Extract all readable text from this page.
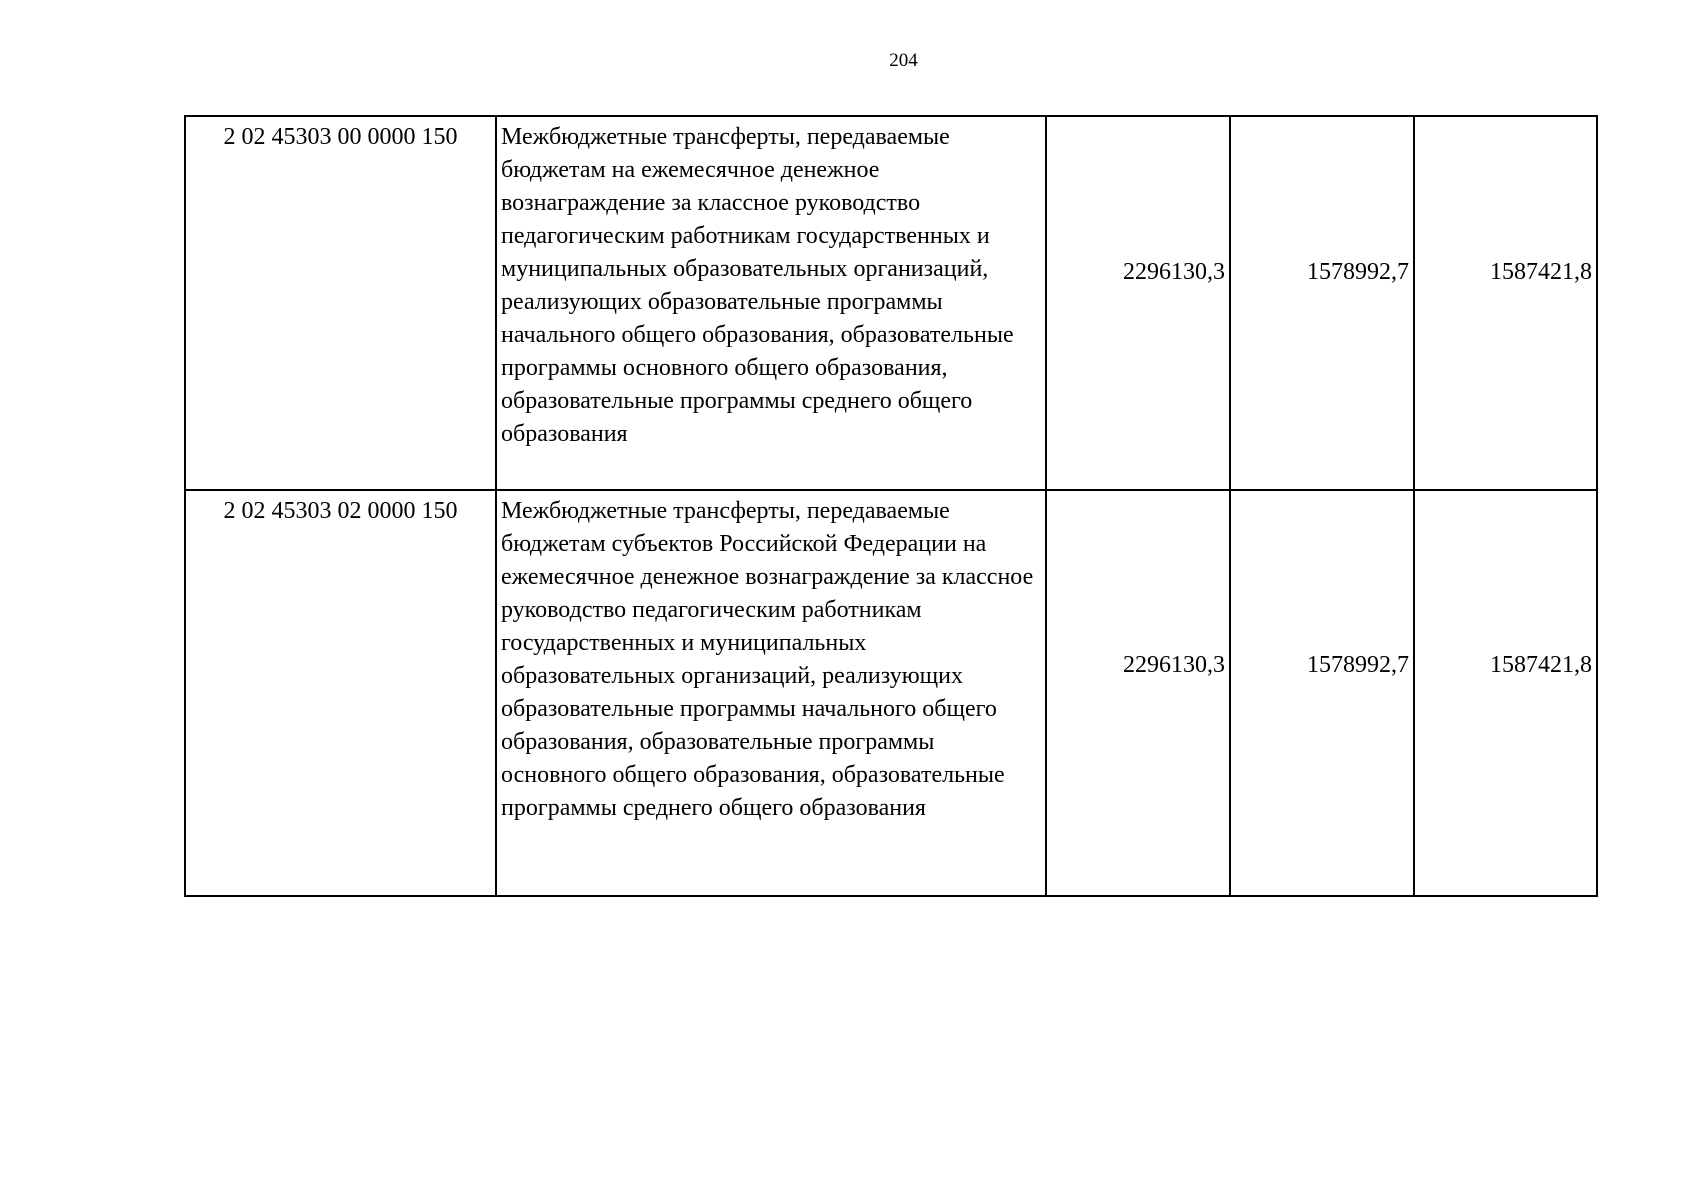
204
2 02 45303 00 0000 150	Межбюджетные трансферты, передаваемые бюджетам на ежемесячное денежное вознаграждение за классное руководство педагогическим работникам государственных и муниципальных образовательных организаций, реализующих образовательные программы начального общего образования, образовательные программы основного общего образования, образовательные программы среднего общего образования	2296130,3	1578992,7	1587421,8
2 02 45303 02 0000 150	Межбюджетные трансферты, передаваемые бюджетам субъектов Российской Федерации на ежемесячное денежное вознаграждение за классное руководство педагогическим работникам государственных и муниципальных образовательных организаций, реализующих образовательные программы начального общего образования, образовательные программы основного общего образования, образовательные программы среднего общего образования	2296130,3	1578992,7	1587421,8
